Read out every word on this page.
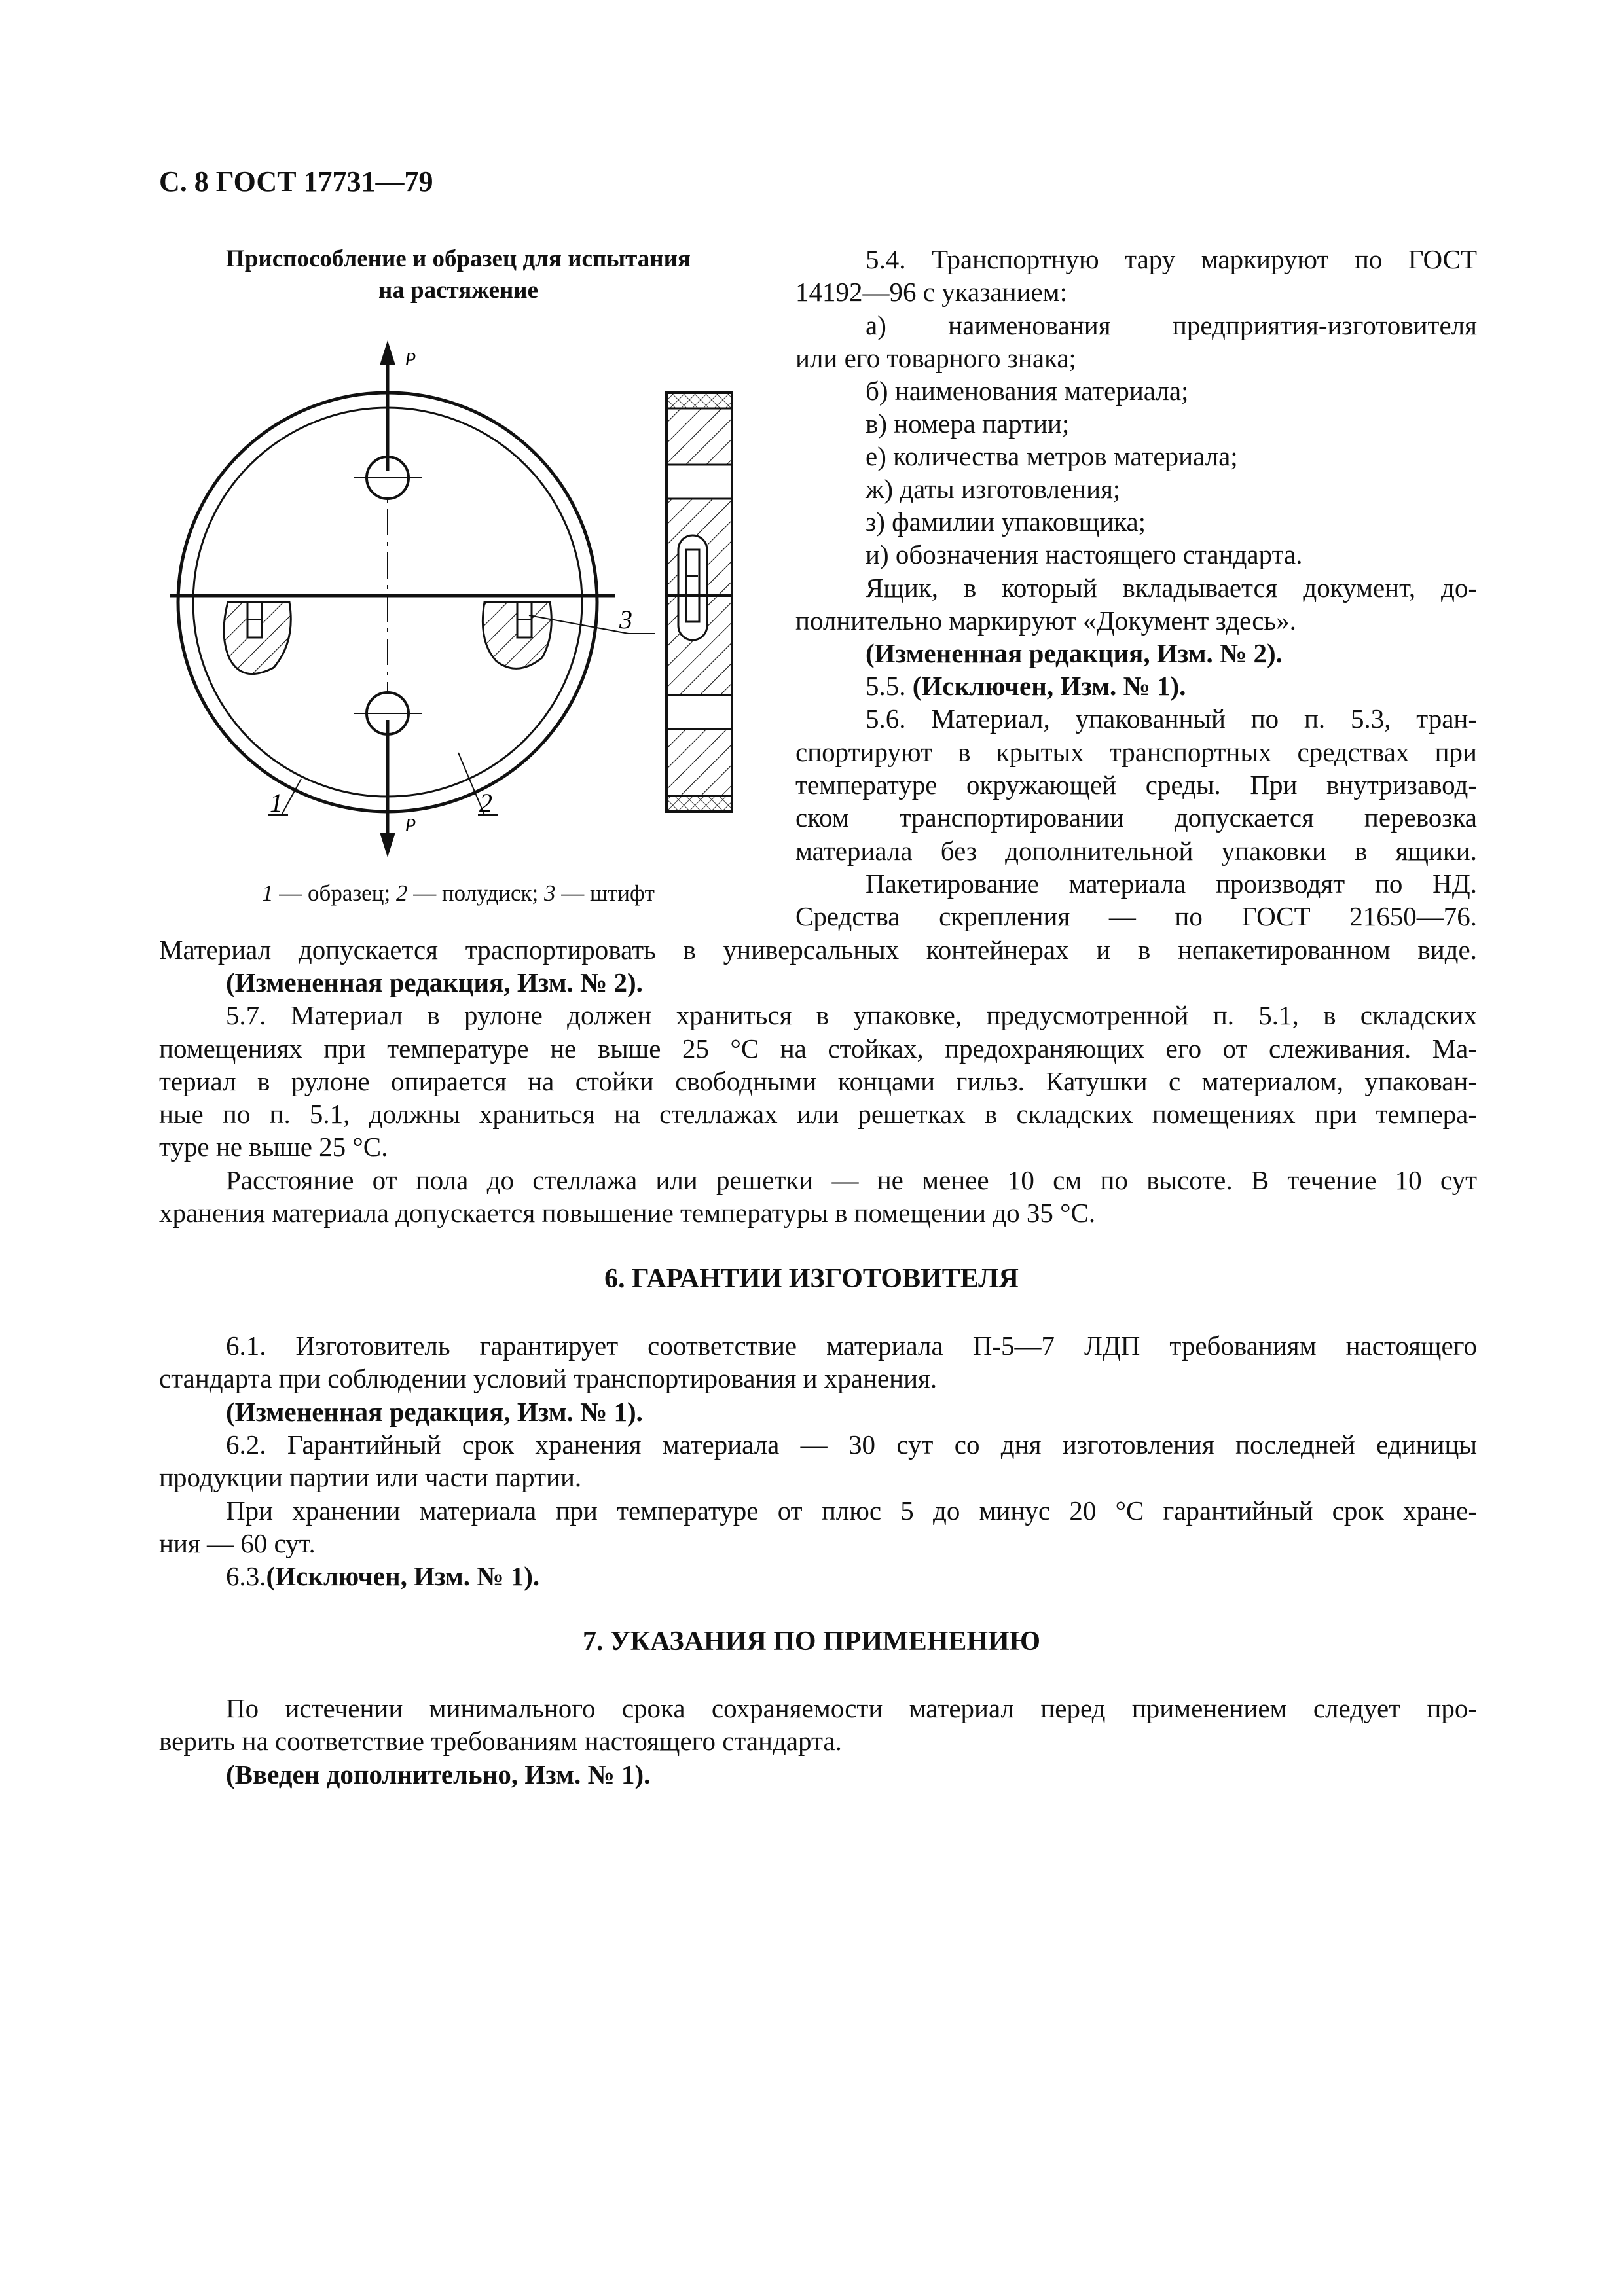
С. 8 ГОСТ 17731—79
Приспособление и образец для испытания
на растяжение
P
P
3
1	2
1 — образец; 2 — полудиск; 3 — штифт
5.4. Транспортную тару маркируют по ГОСТ
14192—96 с указанием:
а) наименования предприятия-изготовителя
или его товарного знака;
б) наименования материала;
в) номера партии;
е) количества метров материала;
ж) даты изготовления;
з) фамилии упаковщика;
и) обозначения настоящего стандарта.
Ящик, в который вкладывается документ, до-
полнительно маркируют «Документ здесь».
(Измененная редакция, Изм. № 2).
5.5. (Исключен, Изм. № 1).
5.6. Материал, упакованный по п. 5.3, тран-
спортируют в крытых транспортных средствах при
температуре окружающей среды. При внутризавод-
ском транспортировании допускается перевозка
материала без дополнительной упаковки в ящики.
Пакетирование материала производят по НД.
Средства скрепления — по ГОСТ 21650—76.
Материал допускается траспортировать в универсальных контейнерах и в непакетированном виде.
(Измененная редакция, Изм. № 2).
5.7. Материал в рулоне должен храниться в упаковке, предусмотренной п. 5.1, в складских
помещениях при температуре не выше 25 °С на стойках, предохраняющих его от слеживания. Ма-
териал в рулоне опирается на стойки свободными концами гильз. Катушки с материалом, упакован-
ные по п. 5.1, должны храниться на стеллажах или решетках в складских помещениях при темпера-
туре не выше 25 °С.
Расстояние от пола до стеллажа или решетки — не менее 10 см по высоте. В течение 10 сут
хранения материала допускается повышение температуры в помещении до 35 °С.
6. ГАРАНТИИ ИЗГОТОВИТЕЛЯ
6.1. Изготовитель гарантирует соответствие материала П-5—7 ЛДП требованиям настоящего
стандарта при соблюдении условий транспортирования и хранения.
(Измененная редакция, Изм. № 1).
6.2. Гарантийный срок хранения материала — 30 сут со дня изготовления последней единицы
продукции партии или части партии.
При хранении материала при температуре от плюс 5 до минус 20 °С гарантийный срок хране-
ния — 60 сут.
6.3.(Исключен, Изм. № 1).
7. УКАЗАНИЯ ПО ПРИМЕНЕНИЮ
По истечении минимального срока сохраняемости материал перед применением следует про-
верить на соответствие требованиям настоящего стандарта.
(Введен дополнительно, Изм. № 1).
